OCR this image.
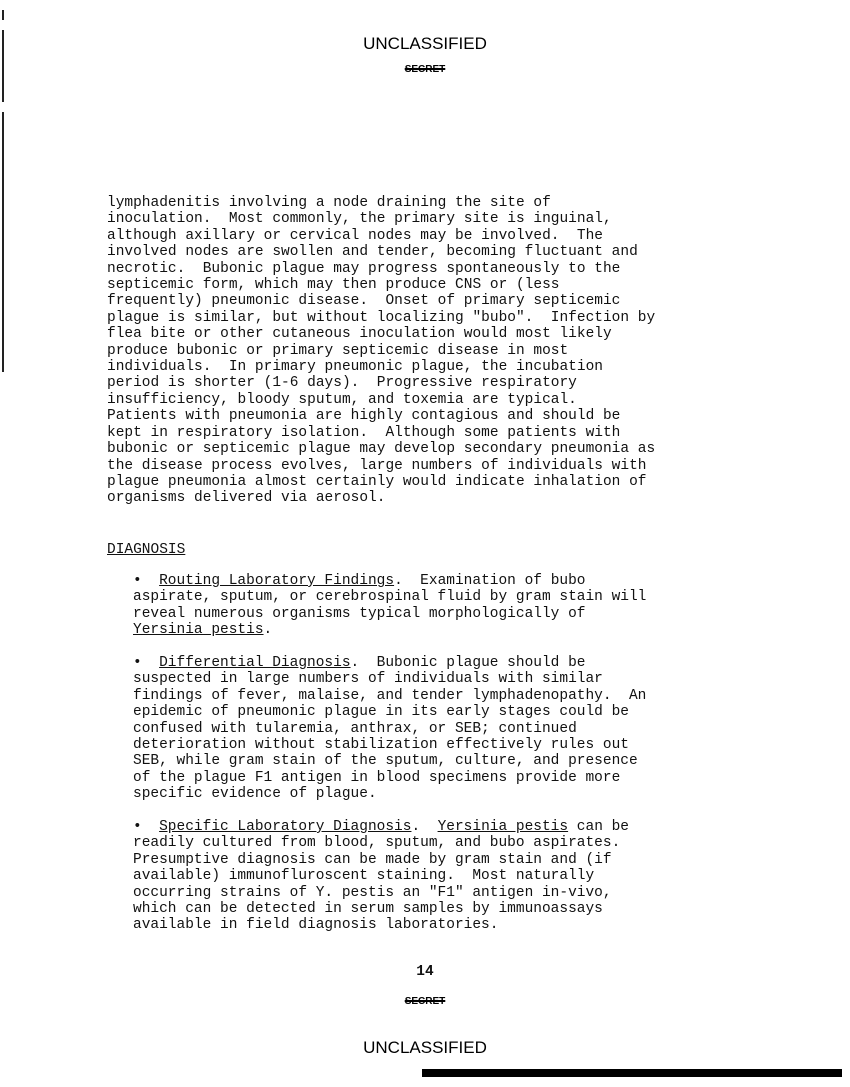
UNCLASSIFIED
SECRET

lymphadenitis involving a node draining the site of
inoculation.  Most commonly, the primary site is inguinal,
although axillary or cervical nodes may be involved.  The
involved nodes are swollen and tender, becoming fluctuant and
necrotic.  Bubonic plague may progress spontaneously to the
septicemic form, which may then produce CNS or (less
frequently) pneumonic disease.  Onset of primary septicemic
plague is similar, but without localizing "bubo".  Infection by
flea bite or other cutaneous inoculation would most likely
produce bubonic or primary septicemic disease in most
individuals.  In primary pneumonic plague, the incubation
period is shorter (1-6 days).  Progressive respiratory
insufficiency, bloody sputum, and toxemia are typical.
Patients with pneumonia are highly contagious and should be
kept in respiratory isolation.  Although some patients with
bubonic or septicemic plague may develop secondary pneumonia as
the disease process evolves, large numbers of individuals with
plague pneumonia almost certainly would indicate inhalation of
organisms delivered via aerosol.

DIAGNOSIS

• Routing Laboratory Findings.  Examination of bubo
aspirate, sputum, or cerebrospinal fluid by gram stain will
reveal numerous organisms typical morphologically of
Yersinia pestis.

• Differential Diagnosis.  Bubonic plague should be
suspected in large numbers of individuals with similar
findings of fever, malaise, and tender lymphadenopathy.  An
epidemic of pneumonic plague in its early stages could be
confused with tularemia, anthrax, or SEB; continued
deterioration without stabilization effectively rules out
SEB, while gram stain of the sputum, culture, and presence
of the plague F1 antigen in blood specimens provide more
specific evidence of plague.

• Specific Laboratory Diagnosis.  Yersinia pestis can be
readily cultured from blood, sputum, and bubo aspirates.
Presumptive diagnosis can be made by gram stain and (if
available) immunofluroscent staining.  Most naturally
occurring strains of Y. pestis an "F1" antigen in-vivo,
which can be detected in serum samples by immunoassays
available in field diagnosis laboratories.

14
SECRET
UNCLASSIFIED
